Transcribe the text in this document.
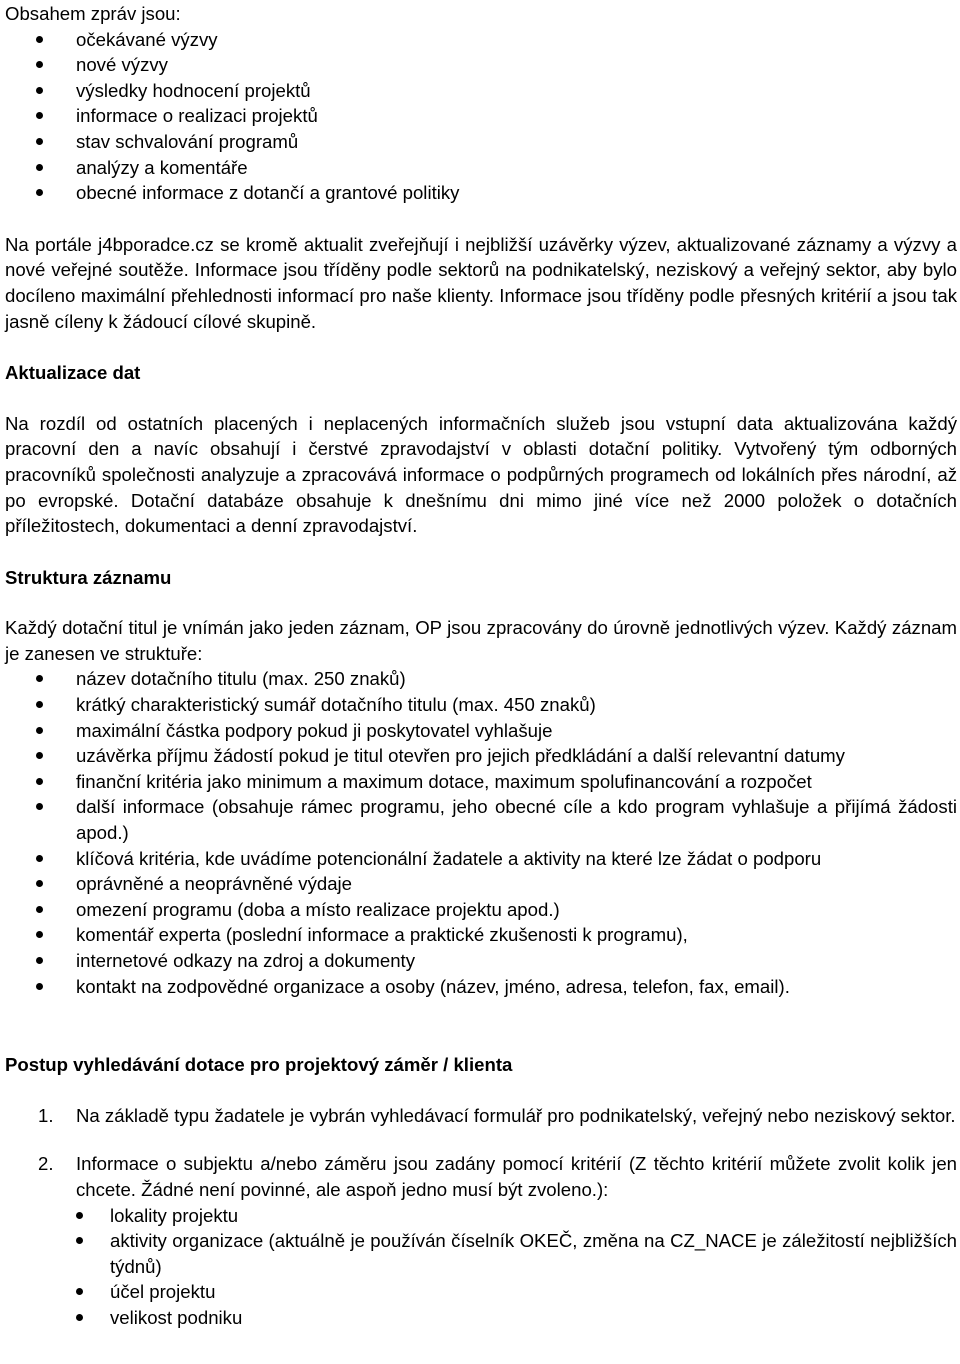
Obsahem zpráv jsou:

očekávané výzvy
nové výzvy
výsledky hodnocení projektů
informace o realizaci projektů
stav schvalování programů
analýzy a komentáře
obecné informace z dotančí a grantové politiky

Na portále j4bporadce.cz se kromě aktualit zveřejňují i nejbližší uzávěrky výzev, aktualizované záznamy a výzvy a nové veřejné soutěže. Informace jsou tříděny podle sektorů na podnikatelský, neziskový a veřejný sektor, aby bylo docíleno maximální přehlednosti informací pro naše klienty. Informace jsou tříděny podle přesných kritérií a jsou tak jasně cíleny k žádoucí cílové skupině.

Aktualizace dat

Na rozdíl od ostatních placených i neplacených informačních služeb jsou vstupní data aktualizována každý pracovní den a navíc obsahují i čerstvé zpravodajství v oblasti dotační politiky. Vytvořený tým odborných pracovníků společnosti analyzuje a zpracovává informace o podpůrných programech od lokálních přes národní, až po evropské. Dotační databáze obsahuje k dnešnímu dni mimo jiné více než 2000 položek o dotačních příležitostech, dokumentaci a denní zpravodajství.

Struktura záznamu

Každý dotační titul je vnímán jako jeden záznam, OP jsou zpracovány do úrovně jednotlivých výzev. Každý záznam je zanesen ve struktuře:

název dotačního titulu (max. 250 znaků)
krátký charakteristický sumář dotačního titulu (max. 450 znaků)
maximální částka podpory pokud ji poskytovatel vyhlašuje
uzávěrka příjmu žádostí pokud je titul otevřen pro jejich předkládání a další relevantní datumy
finanční kritéria jako minimum a maximum dotace, maximum spolufinancování a rozpočet
další informace (obsahuje rámec programu, jeho obecné cíle a kdo program vyhlašuje a přijímá žádosti apod.)
klíčová kritéria, kde uvádíme potencionální žadatele a aktivity na které lze žádat o podporu
oprávněné a neoprávněné výdaje
omezení programu (doba a místo realizace projektu apod.)
komentář experta (poslední informace a praktické zkušenosti k programu),
internetové odkazy na zdroj a dokumenty
kontakt na zodpovědné organizace a osoby (název, jméno, adresa, telefon, fax, email).

Postup vyhledávání dotace pro projektový záměr / klienta

1. Na základě typu žadatele je vybrán vyhledávací formulář pro podnikatelský, veřejný nebo neziskový sektor.
2. Informace o subjektu a/nebo záměru jsou zadány pomocí kritérií (Z těchto kritérií můžete zvolit kolik jen chcete. Žádné není povinné, ale aspoň jedno musí být zvoleno.):
lokality projektu
aktivity organizace (aktuálně je používán číselník OKEČ, změna na CZ_NACE je záležitostí nejbližších týdnů)
účel projektu
velikost podniku
